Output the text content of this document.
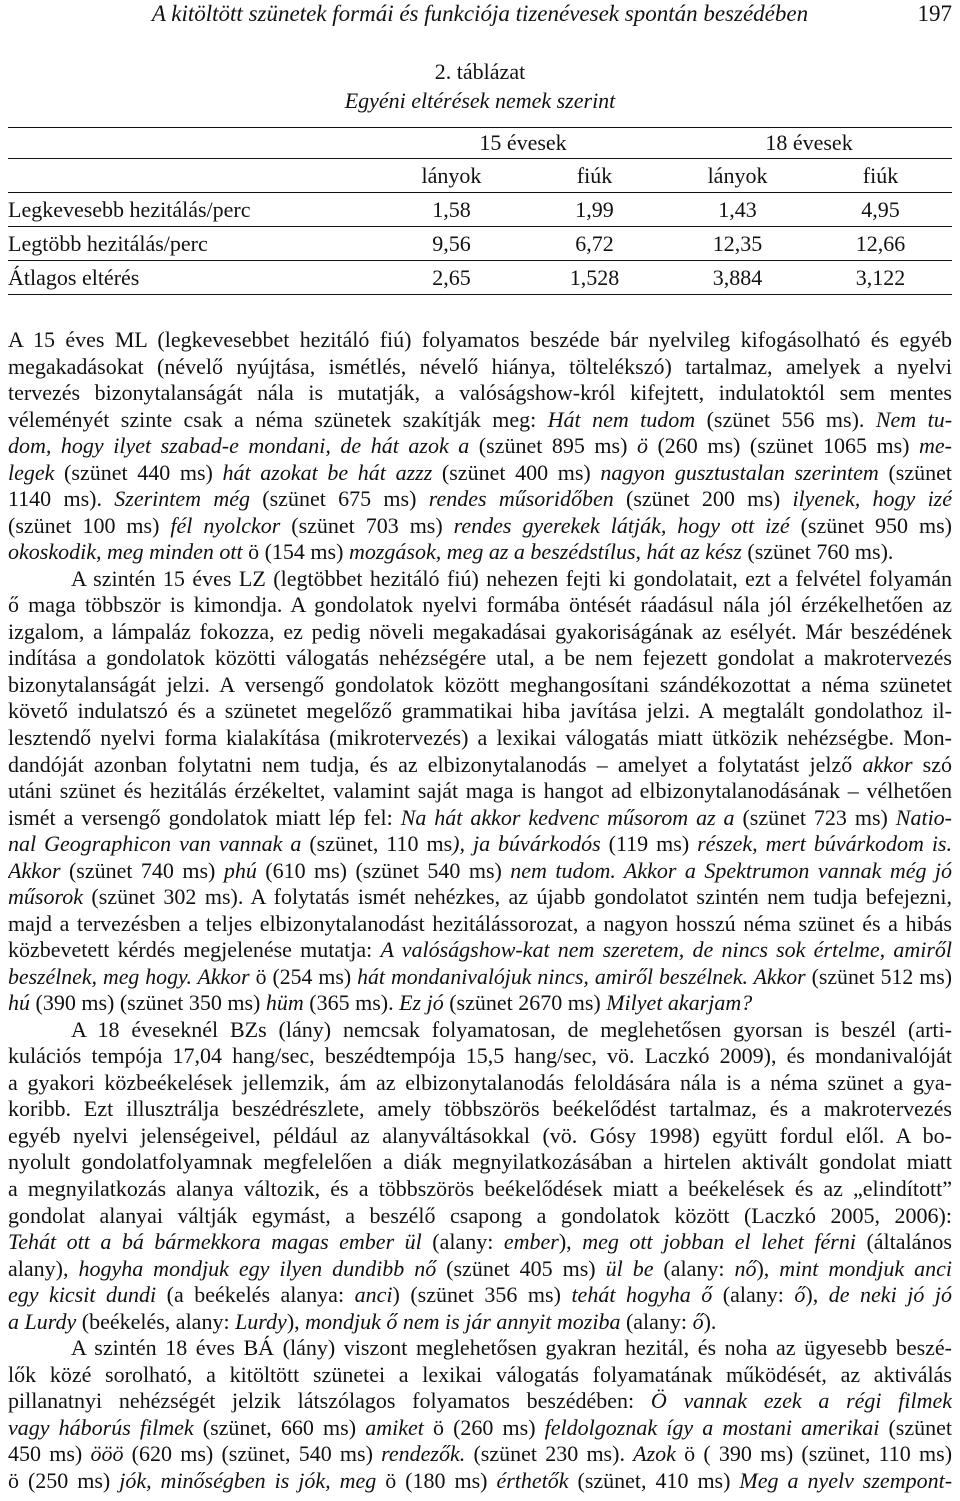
A kitöltött szünetek formái és funkciója tizenévesek spontán beszédében	197
2. táblázat
Egyéni eltérések nemek szerint
	15 évesek		18 évesek	
	lányok	fiúk	lányok	fiúk
Legkevesebb hezitálás/perc	1,58	1,99	1,43	4,95
Legtöbb hezitálás/perc	9,56	6,72	12,35	12,66
Átlagos eltérés	2,65	1,528	3,884	3,122
A 15 éves ML (legkevesebbet hezitáló fiú) folyamatos beszéde bár nyelvileg kifogásolható és egyéb
megakadásokat (névelő nyújtása, ismétlés, névelő hiánya, töltelékszó) tartalmaz, amelyek a nyelvi
tervezés bizonytalanságát nála is mutatják, a valóságshow-król kifejtett, indulatoktól sem mentes
véleményét szinte csak a néma szünetek szakítják meg: Hát nem tudom (szünet 556 ms). Nem tu-
dom, hogy ilyet szabad-e mondani, de hát azok a (szünet 895 ms) ö (260 ms) (szünet 1065 ms) me-
legek (szünet 440 ms) hát azokat be hát azzz (szünet 400 ms) nagyon gusztustalan szerintem (szünet
1140 ms). Szerintem még (szünet 675 ms) rendes műsoridőben (szünet 200 ms) ilyenek, hogy izé
(szünet 100 ms) fél nyolckor (szünet 703 ms) rendes gyerekek látják, hogy ott izé (szünet 950 ms)
okoskodik, meg minden ott ö (154 ms) mozgások, meg az a beszédstílus, hát az kész (szünet 760 ms).
A szintén 15 éves LZ (legtöbbet hezitáló fiú) nehezen fejti ki gondolatait, ezt a felvétel folyamán
ő maga többször is kimondja. A gondolatok nyelvi formába öntését ráadásul nála jól érzékelhetően az
izgalom, a lámpaláz fokozza, ez pedig növeli megakadásai gyakoriságának az esélyét. Már beszédének
indítása a gondolatok közötti válogatás nehézségére utal, a be nem fejezett gondolat a makrotervezés
bizonytalanságát jelzi. A versengő gondolatok között meghangosítani szándékozottat a néma szünetet
követő indulatszó és a szünetet megelőző grammatikai hiba javítása jelzi. A megtalált gondolathoz il-
lesztendő nyelvi forma kialakítása (mikrotervezés) a lexikai válogatás miatt ütközik nehézségbe. Mon-
dandóját azonban folytatni nem tudja, és az elbizonytalanodás – amelyet a folytatást jelző akkor szó
utáni szünet és hezitálás érzékeltet, valamint saját maga is hangot ad elbizonytalanodásának – vélhetően
ismét a versengő gondolatok miatt lép fel: Na hát akkor kedvenc műsorom az a (szünet 723 ms) Natio-
nal Geographicon van vannak a (szünet, 110 ms), ja búvárkodós (119 ms) részek, mert búvárkodom is.
Akkor (szünet 740 ms) phú (610 ms) (szünet 540 ms) nem tudom. Akkor a Spektrumon vannak még jó
műsorok (szünet 302 ms). A folytatás ismét nehézkes, az újabb gondolatot szintén nem tudja befejezni,
majd a tervezésben a teljes elbizonytalanodást hezitálássorozat, a nagyon hosszú néma szünet és a hibás
közbevetett kérdés megjelenése mutatja: A valóságshow-kat nem szeretem, de nincs sok értelme, amiről
beszélnek, meg hogy. Akkor ö (254 ms) hát mondanivalójuk nincs, amiről beszélnek. Akkor (szünet 512 ms)
hú (390 ms) (szünet 350 ms) hüm (365 ms). Ez jó (szünet 2670 ms) Milyet akarjam?
A 18 éveseknél BZs (lány) nemcsak folyamatosan, de meglehetősen gyorsan is beszél (arti-
kulációs tempója 17,04 hang/sec, beszédtempója 15,5 hang/sec, vö. Laczkó 2009), és mondanivalóját
a gyakori közbeékelések jellemzik, ám az elbizonytalanodás feloldására nála is a néma szünet a gya-
koribb. Ezt illusztrálja beszédrészlete, amely többszörös beékelődést tartalmaz, és a makrotervezés
egyéb nyelvi jelenségeivel, például az alanyváltásokkal (vö. Gósy 1998) együtt fordul elől. A bo-
nyolult gondolatfolyamnak megfelelően a diák megnyilatkozásában a hirtelen aktivált gondolat miatt
a megnyilatkozás alanya változik, és a többszörös beékelődések miatt a beékelések és az „elindított”
gondolat alanyai váltják egymást, a beszélő csapong a gondolatok között (Laczkó 2005, 2006):
Tehát ott a bá bármekkora magas ember ül (alany: ember), meg ott jobban el lehet férni (általános
alany), hogyha mondjuk egy ilyen dundibb nő (szünet 405 ms) ül be (alany: nő), mint mondjuk anci
egy kicsit dundi (a beékelés alanya: anci) (szünet 356 ms) tehát hogyha ő (alany: ő), de neki jó jó
a Lurdy (beékelés, alany: Lurdy), mondjuk ő nem is jár annyit moziba (alany: ő).
A szintén 18 éves BÁ (lány) viszont meglehetősen gyakran hezitál, és noha az ügyesebb beszé-
lők közé sorolható, a kitöltött szünetei a lexikai válogatás folyamatának működését, az aktiválás
pillanatnyi nehézségét jelzik látszólagos folyamatos beszédében: Ö vannak ezek a régi filmek
vagy háborús filmek (szünet, 660 ms) amiket ö (260 ms) feldolgoznak így a mostani amerikai (szünet
450 ms) ööö (620 ms) (szünet, 540 ms) rendezők. (szünet 230 ms). Azok ö ( 390 ms) (szünet, 110 ms)
ö (250 ms) jók, minőségben is jók, meg ö (180 ms) érthetők (szünet, 410 ms) Meg a nyelv szempont-
